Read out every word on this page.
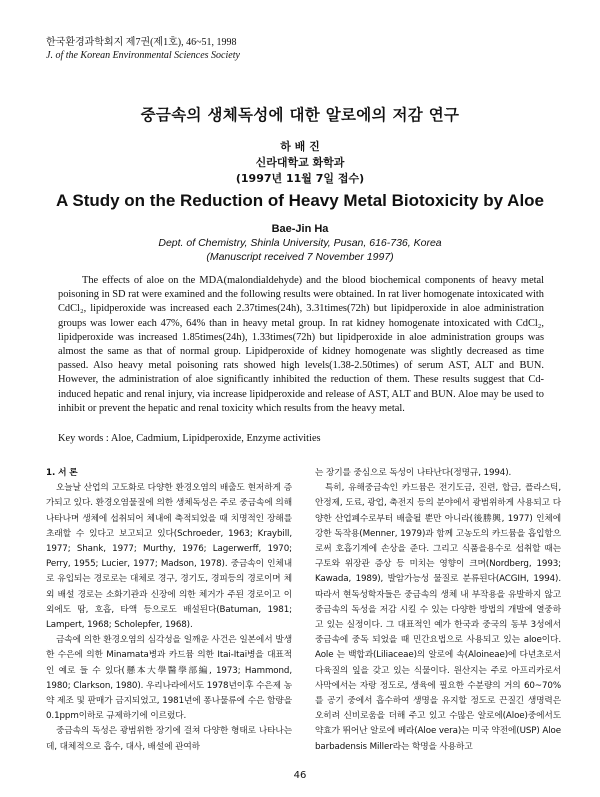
한국환경과학회지 제7권(제1호), 46~51, 1998
J. of the Korean Environmental Sciences Society
중금속의 생체독성에 대한 알로에의 저감 연구
하 배 진
신라대학교 화학과
(1997년 11월 7일 접수)
A Study on the Reduction of Heavy Metal Biotoxicity by Aloe
Bae-Jin Ha
Dept. of Chemistry, Shinla University, Pusan, 616-736, Korea
(Manuscript received 7 November 1997)

The effects of aloe on the MDA(malondialdehyde) and the blood biochemical components of heavy metal poisoning in SD rat were examined and the following results were obtained. In rat liver homogenate intoxicated with CdCl₂, lipidperoxide was increased each 2.37times(24h), 3.31times(72h) but lipidperoxide in aloe administration groups was lower each 47%, 64% than in heavy metal group. In rat kidney homogenate intoxicated with CdCl₂, lipidperoxide was increased 1.85times(24h), 1.33times(72h) but lipidperoxide in aloe administration groups was almost the same as that of normal group. Lipidperoxide of kidney homogenate was slightly decreased as time passed. Also heavy metal poisoning rats showed high levels(1.38-2.50times) of serum AST, ALT and BUN. However, the administration of aloe significantly inhibited the reduction of them. These results suggest that Cd-induced hepatic and renal injury, via increase lipidperoxide and release of AST, ALT and BUN. Aloe may be used to inhibit or prevent the hepatic and renal toxicity which results from the heavy metal.

Key words : Aloe, Cadmium, Lipidperoxide, Enzyme activities

1. 서 론

오늘날 산업의 고도화로 다양한 환경오염의 배출도 현저하게 증가되고 있다. 환경오염물질에 의한 생체독성은 주로 중금속에 의해 나타나며 생체에 섭취되어 체내에 축적되었을 때 치명적인 장해를 초래할 수 있다고 보고되고 있다(Schroeder, 1963; Kraybill, 1977; Shank, 1977; Murthy, 1976; Lagerwerff, 1970; Perry, 1955; Lucier, 1977; Madson, 1978). 중금속이 인체내로 유입되는 경로로는 대체로 경구, 경기도, 경피등의 경로이며 체외 배설 경로는 소화기관과 신장에 의한 체거가 주된 경로이고 이외에도 땀, 호흡, 타액 등으로도 배설된다(Batuman, 1981; Lampert, 1968; Scholepfer, 1968).

금속에 의한 환경오염의 심각성을 일깨운 사건은 일본에서 발생한 수은에 의한 Minamata병과 카드뮴 의한 Itai-Itai병을 대표적인 예로 들 수 있다(懸本大學醫學部編, 1973; Hammond, 1980; Clarkson, 1980). 우리나라에서도 1978년이후 수은제 농약 제조 및 판매가 금지되었고, 1981년에 퐁나물류에 수은 함량을 0.1ppm이하로 규제하기에 이르렀다.

중금속의 독성은 광범위한 장기에 걸쳐 다양한 형태로 나타나는데, 대체적으로 흡수, 대사, 배설에 관여하

는 장기를 중심으로 독성이 나타난다(정명규, 1994).

특히, 유해중금속인 카드뮴은 전기도금, 진련, 합금, 플라스틱, 안정제, 도료, 광업, 축전지 등의 분야에서 광범위하게 사용되고 다양한 산업폐수로부터 배출될 뿐만 아니라(後勝興, 1977) 인체에 강한 독작용(Menner, 1979)과 함께 고농도의 카드뮴을 흡입함으로써 호흡기계에 손상을 준다. 그리고 식품을용수로 섭취할 때는 구토와 위장관 증상 등 미치는 영향이 크며(Nordberg, 1993; Kawada, 1989), 발암가능성 물질로 분류된다(ACGIH, 1994). 따라서 현독성학자들은 중금속의 생체 내 부작용을 유발하지 않고 중금속의 독성을 저감 시킬 수 있는 다양한 방법의 개발에 열중하고 있는 실정이다. 그 대표적인 예가 한국과 중국의 동부 3성에서 중금속에 중독 되었을 때 민간요법으로 사용되고 있는 aloe이다. Aole 는 백합과(Liliaceae)의 알로에 속(Aloineae)에 다년초로서 다육질의 잎을 갖고 있는 식물이다. 원산지는 주로 아프리카로서 사막에서는 자랑 정도로, 생육에 필요한 수분량의 거의 60~70%를 공기 중에서 흡수하여 생명을 유지할 정도로 끈질긴 생명력은 오히려 신비로움을 더해 주고 있고 수많은 알로에(Aloe)중에서도 약효가 뛰어난 알로에 베라(Aloe vera)는 미국 약전에(USP) Aloe barbadensis Miller라는 학명을 사용하고

46
